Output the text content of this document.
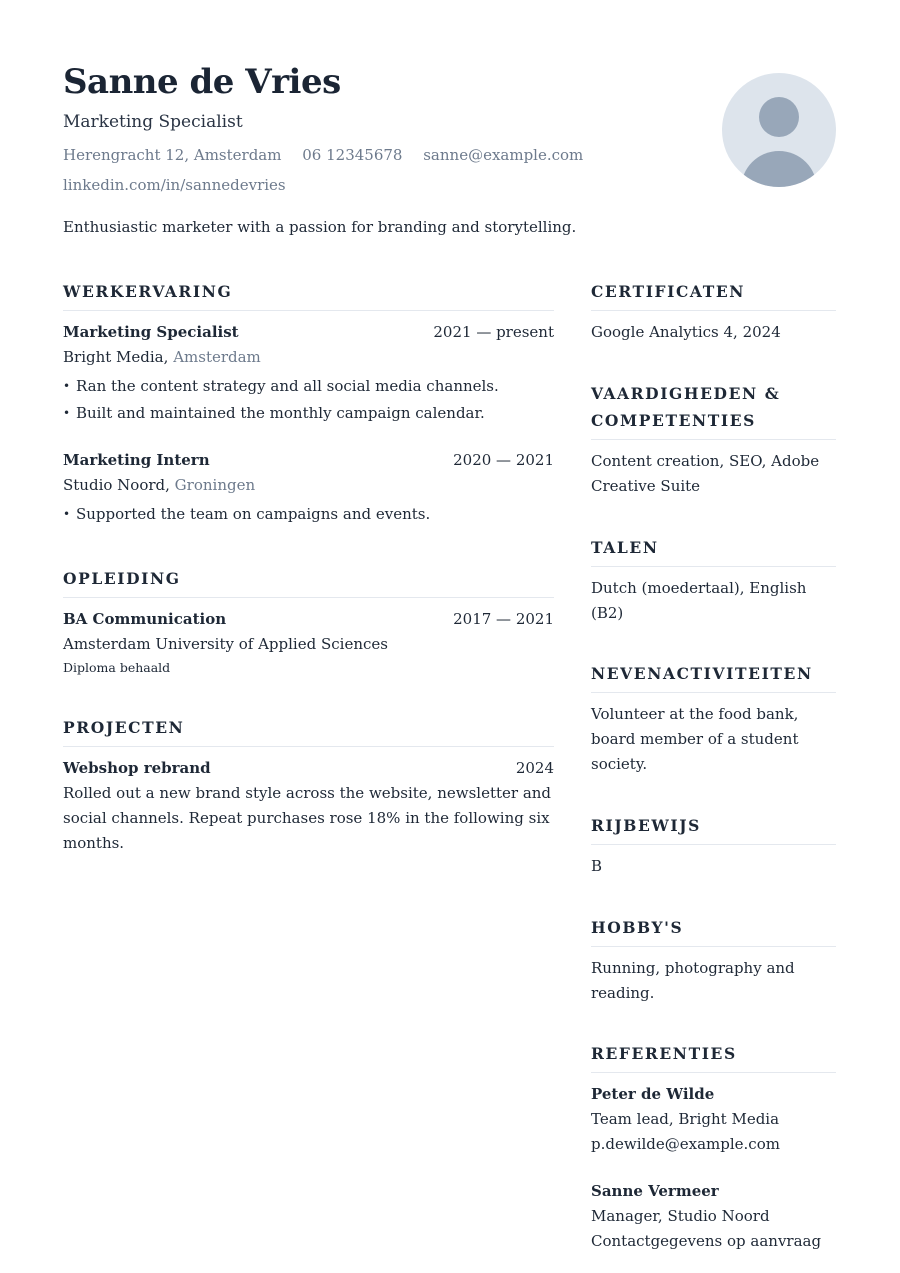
Sanne de Vries
Marketing Specialist
Herengracht 12, Amsterdam 06 12345678 sanne@example.com
linkedin.com/in/sannedevries
Enthusiastic marketer with a passion for branding and storytelling.
WERKERVARING
Marketing Specialist	2021 — present
Bright Media, Amsterdam
• Ran the content strategy and all social media channels.
• Built and maintained the monthly campaign calendar.
Marketing Intern	2020 — 2021
Studio Noord, Groningen
• Supported the team on campaigns and events.
OPLEIDING
BA Communication	2017 — 2021
Amsterdam University of Applied Sciences
Diploma behaald
PROJECTEN
Webshop rebrand	2024
Rolled out a new brand style across the website, newsletter and
social channels. Repeat purchases rose 18% in the following six
months.
CERTIFICATEN
Google Analytics 4, 2024
VAARDIGHEDEN &
COMPETENTIES
Content creation, SEO, Adobe
Creative Suite
TALEN
Dutch (moedertaal), English
(B2)
NEVENACTIVITEITEN
Volunteer at the food bank,
board member of a student
society.
RIJBEWIJS
B
HOBBY'S
Running, photography and
reading.
REFERENTIES
Peter de Wilde
Team lead, Bright Media
p.dewilde@example.com
Sanne Vermeer
Manager, Studio Noord
Contactgegevens op aanvraag
